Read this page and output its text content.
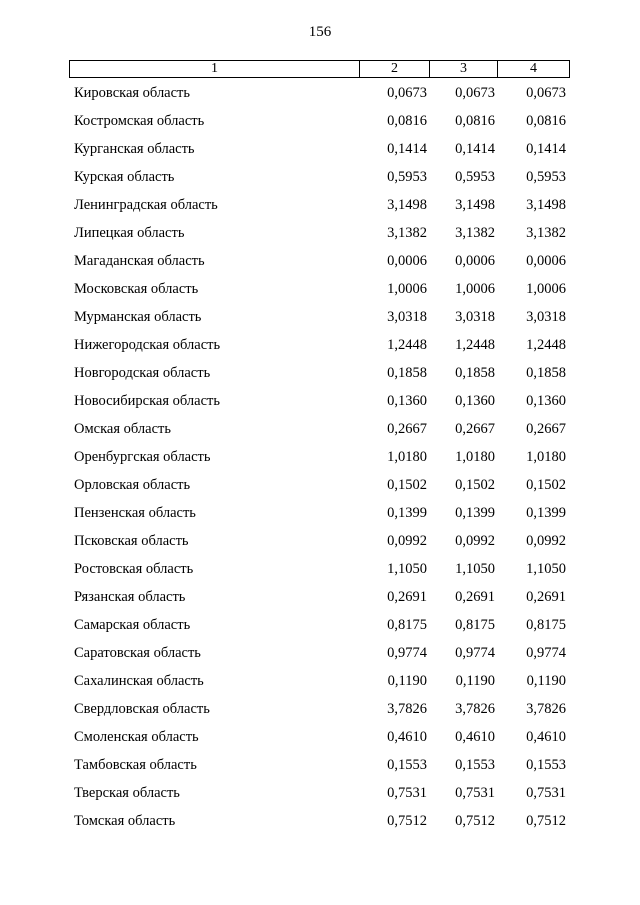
156
1	2	3	4
Кировская область	0,0673	0,0673	0,0673
Костромская область	0,0816	0,0816	0,0816
Курганская область	0,1414	0,1414	0,1414
Курская область	0,5953	0,5953	0,5953
Ленинградская область	3,1498	3,1498	3,1498
Липецкая область	3,1382	3,1382	3,1382
Магаданская область	0,0006	0,0006	0,0006
Московская область	1,0006	1,0006	1,0006
Мурманская область	3,0318	3,0318	3,0318
Нижегородская область	1,2448	1,2448	1,2448
Новгородская область	0,1858	0,1858	0,1858
Новосибирская область	0,1360	0,1360	0,1360
Омская область	0,2667	0,2667	0,2667
Оренбургская область	1,0180	1,0180	1,0180
Орловская область	0,1502	0,1502	0,1502
Пензенская область	0,1399	0,1399	0,1399
Псковская область	0,0992	0,0992	0,0992
Ростовская область	1,1050	1,1050	1,1050
Рязанская область	0,2691	0,2691	0,2691
Самарская область	0,8175	0,8175	0,8175
Саратовская область	0,9774	0,9774	0,9774
Сахалинская область	0,1190	0,1190	0,1190
Свердловская область	3,7826	3,7826	3,7826
Смоленская область	0,4610	0,4610	0,4610
Тамбовская область	0,1553	0,1553	0,1553
Тверская область	0,7531	0,7531	0,7531
Томская область	0,7512	0,7512	0,7512
